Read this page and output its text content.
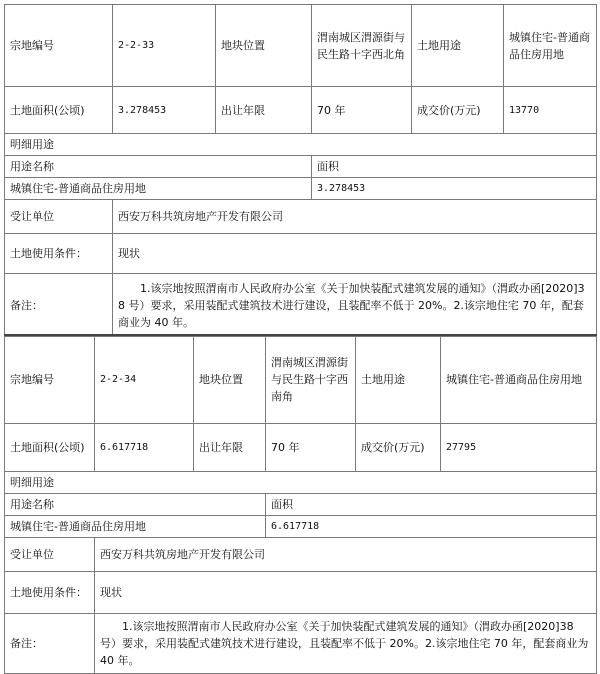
宗地编号	2-2-33	地块位置	渭南城区渭源街与民生路十字西北角	土地用途	城镇住宅-普通商品住房用地
土地面积(公顷)	3.278453	出让年限	70 年	成交价(万元)	13770
明细用途					
用途名称			面积		
城镇住宅-普通商品住房用地			3.278453		
受让单位	西安万科共筑房地产开发有限公司				
土地使用条件：	现状				
备注：	1.该宗地按照渭南市人民政府办公室《关于加快装配式建筑发展的通知》（渭政办函[2020]38 号）要求，采用装配式建筑技术进行建设，且装配率不低于 20%。2.该宗地住宅 70 年，配套商业为 40 年。				
宗地编号	2-2-34	地块位置	渭南城区渭源街与民生路十字西南角	土地用途	城镇住宅-普通商品住房用地
土地面积(公顷)	6.617718	出让年限	70 年	成交价(万元)	27795
明细用途					
用途名称			面积		
城镇住宅-普通商品住房用地			6.617718		
受让单位	西安万科共筑房地产开发有限公司				
土地使用条件：	现状				
备注：	1.该宗地按照渭南市人民政府办公室《关于加快装配式建筑发展的通知》（渭政办函[2020]38 号）要求，采用装配式建筑技术进行建设，且装配率不低于 20%。2.该宗地住宅 70 年，配套商业为 40 年。				
